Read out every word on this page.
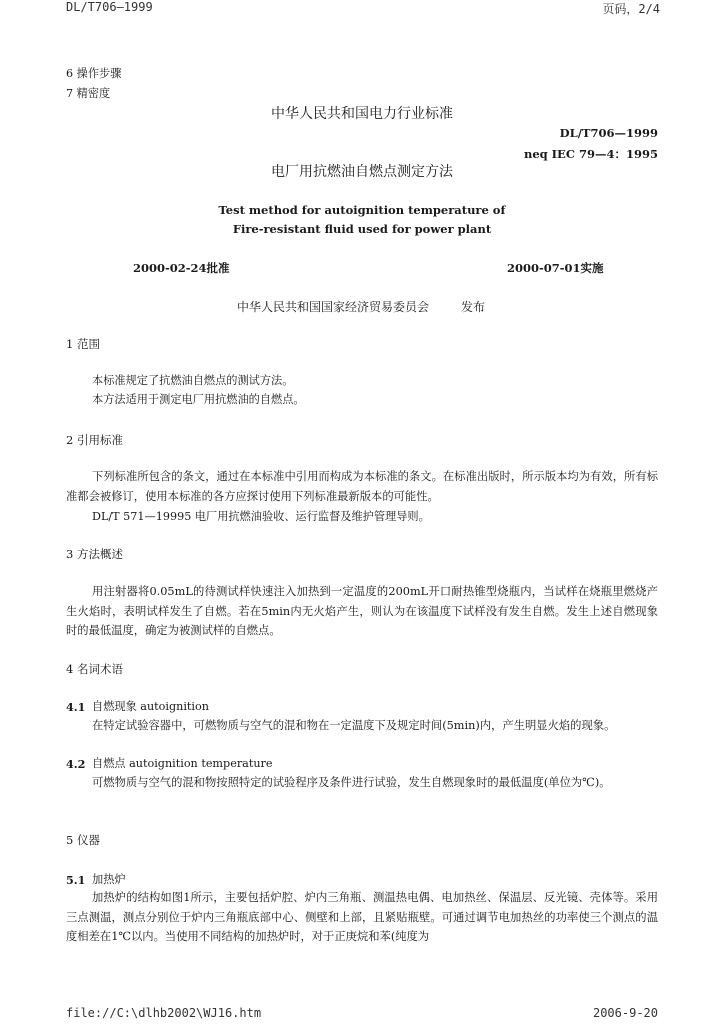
DL/T706—1999	页码，2/4
6 操作步骤
7 精密度
中华人民共和国电力行业标准
DL/T706—1999
neq IEC 79—4：1995
电厂用抗燃油自燃点测定方法
Test method for autoignition temperature of
Fire-resistant fluid used for power plant
2000-02-24批准	2000-07-01实施
中华人民共和国国家经济贸易委员会	发布
1 范围
本标准规定了抗燃油自燃点的测试方法。
本方法适用于测定电厂用抗燃油的自燃点。
2 引用标准
下列标准所包含的条文，通过在本标准中引用而构成为本标准的条文。在标准出版时，所示版本均为有效，所有标准都会被修订，使用本标准的各方应探讨使用下列标准最新版本的可能性。
DL/T 571—19995 电厂用抗燃油验收、运行监督及维护管理导则。
3 方法概述
用注射器将0.05mL的待测试样快速注入加热到一定温度的200mL开口耐热锥型烧瓶内，当试样在烧瓶里燃烧产生火焰时，表明试样发生了自燃。若在5min内无火焰产生，则认为在该温度下试样没有发生自燃。发生上述自燃现象时的最低温度，确定为被测试样的自燃点。
4 名词术语
4.1 自燃现象 autoignition
在特定试验容器中，可燃物质与空气的混和物在一定温度下及规定时间(5min)内，产生明显火焰的现象。
4.2 自燃点 autoignition temperature
可燃物质与空气的混和物按照特定的试验程序及条件进行试验，发生自燃现象时的最低温度(单位为℃)。
5 仪器
5.1 加热炉
加热炉的结构如图1所示，主要包括炉腔、炉内三角瓶、测温热电偶、电加热丝、保温层、反光镜、壳体等。采用三点测温，测点分别位于炉内三角瓶底部中心、侧壁和上部，且紧贴瓶壁。可通过调节电加热丝的功率使三个测点的温度相差在1℃以内。当使用不同结构的加热炉时，对于正庚烷和苯(纯度为
file://C:\dlhb2002\WJ16.htm	2006-9-20
